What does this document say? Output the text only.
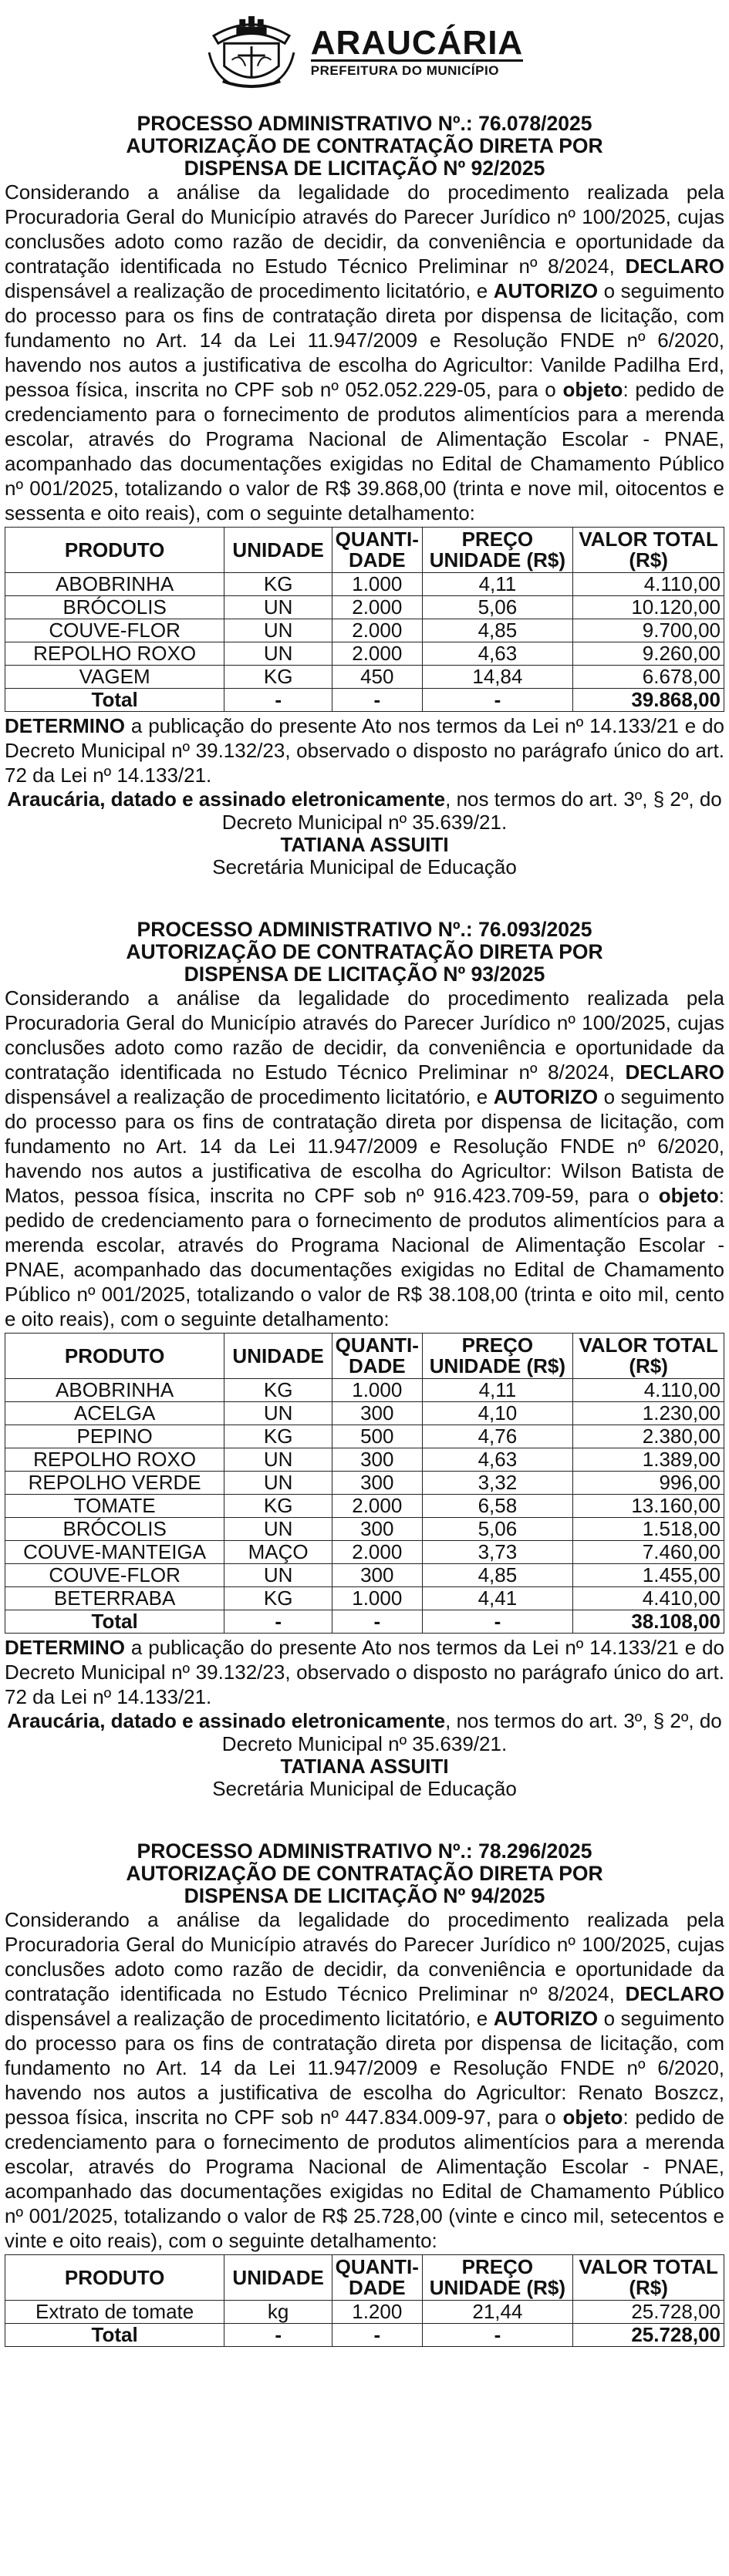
ARAUCÁRIA
PREFEITURA DO MUNICÍPIO
PROCESSO ADMINISTRATIVO Nº.: 76.078/2025
AUTORIZAÇÃO DE CONTRATAÇÃO DIRETA POR
DISPENSA DE LICITAÇÃO Nº 92/2025

Considerando a análise da legalidade do procedimento realizada pela Procuradoria Geral do Município através do Parecer Jurídico nº 100/2025, cujas conclusões adoto como razão de decidir, da conveniência e oportunidade da contratação identificada no Estudo Técnico Preliminar nº 8/2024, DECLARO dispensável a realização de procedimento licitatório, e AUTORIZO o seguimento do processo para os fins de contratação direta por dispensa de licitação, com fundamento no Art. 14 da Lei 11.947/2009 e Resolução FNDE nº 6/2020, havendo nos autos a justificativa de escolha do Agricultor: Vanilde Padilha Erd, pessoa física, inscrita no CPF sob nº 052.052.229-05, para o objeto: pedido de credenciamento para o fornecimento de produtos alimentícios para a merenda escolar, através do Programa Nacional de Alimentação Escolar - PNAE, acompanhado das documentações exigidas no Edital de Chamamento Público nº 001/2025, totalizando o valor de R$ 39.868,00 (trinta e nove mil, oitocentos e sessenta e oito reais), com o seguinte detalhamento:

PRODUTO	UNIDADE	QUANTI-DADE	PREÇO UNIDADE (R$)	VALOR TOTAL (R$)
ABOBRINHA	KG	1.000	4,11	4.110,00
BRÓCOLIS	UN	2.000	5,06	10.120,00
COUVE-FLOR	UN	2.000	4,85	9.700,00
REPOLHO ROXO	UN	2.000	4,63	9.260,00
VAGEM	KG	450	14,84	6.678,00
Total	-	-	-	39.868,00

DETERMINO a publicação do presente Ato nos termos da Lei nº 14.133/21 e do Decreto Municipal nº 39.132/23, observado o disposto no parágrafo único do art. 72 da Lei nº 14.133/21.

Araucária, datado e assinado eletronicamente, nos termos do art. 3º, § 2º, do Decreto Municipal nº 35.639/21.
TATIANA ASSUITI
Secretária Municipal de Educação
PROCESSO ADMINISTRATIVO Nº.: 76.093/2025
AUTORIZAÇÃO DE CONTRATAÇÃO DIRETA POR
DISPENSA DE LICITAÇÃO Nº 93/2025

Considerando a análise da legalidade do procedimento realizada pela Procuradoria Geral do Município através do Parecer Jurídico nº 100/2025, cujas conclusões adoto como razão de decidir, da conveniência e oportunidade da contratação identificada no Estudo Técnico Preliminar nº 8/2024, DECLARO dispensável a realização de procedimento licitatório, e AUTORIZO o seguimento do processo para os fins de contratação direta por dispensa de licitação, com fundamento no Art. 14 da Lei 11.947/2009 e Resolução FNDE nº 6/2020, havendo nos autos a justificativa de escolha do Agricultor: Wilson Batista de Matos, pessoa física, inscrita no CPF sob nº 916.423.709-59, para o objeto: pedido de credenciamento para o fornecimento de produtos alimentícios para a merenda escolar, através do Programa Nacional de Alimentação Escolar - PNAE, acompanhado das documentações exigidas no Edital de Chamamento Público nº 001/2025, totalizando o valor de R$ 38.108,00 (trinta e oito mil, cento e oito reais), com o seguinte detalhamento:

PRODUTO	UNIDADE	QUANTI-DADE	PREÇO UNIDADE (R$)	VALOR TOTAL (R$)
ABOBRINHA	KG	1.000	4,11	4.110,00
ACELGA	UN	300	4,10	1.230,00
PEPINO	KG	500	4,76	2.380,00
REPOLHO ROXO	UN	300	4,63	1.389,00
REPOLHO VERDE	UN	300	3,32	996,00
TOMATE	KG	2.000	6,58	13.160,00
BRÓCOLIS	UN	300	5,06	1.518,00
COUVE-MANTEIGA	MAÇO	2.000	3,73	7.460,00
COUVE-FLOR	UN	300	4,85	1.455,00
BETERRABA	KG	1.000	4,41	4.410,00
Total	-	-	-	38.108,00

DETERMINO a publicação do presente Ato nos termos da Lei nº 14.133/21 e do Decreto Municipal nº 39.132/23, observado o disposto no parágrafo único do art. 72 da Lei nº 14.133/21.

Araucária, datado e assinado eletronicamente, nos termos do art. 3º, § 2º, do Decreto Municipal nº 35.639/21.
TATIANA ASSUITI
Secretária Municipal de Educação
PROCESSO ADMINISTRATIVO Nº.: 78.296/2025
AUTORIZAÇÃO DE CONTRATAÇÃO DIRETA POR
DISPENSA DE LICITAÇÃO Nº 94/2025

Considerando a análise da legalidade do procedimento realizada pela Procuradoria Geral do Município através do Parecer Jurídico nº 100/2025, cujas conclusões adoto como razão de decidir, da conveniência e oportunidade da contratação identificada no Estudo Técnico Preliminar nº 8/2024, DECLARO dispensável a realização de procedimento licitatório, e AUTORIZO o seguimento do processo para os fins de contratação direta por dispensa de licitação, com fundamento no Art. 14 da Lei 11.947/2009 e Resolução FNDE nº 6/2020, havendo nos autos a justificativa de escolha do Agricultor: Renato Boszcz, pessoa física, inscrita no CPF sob nº 447.834.009-97, para o objeto: pedido de credenciamento para o fornecimento de produtos alimentícios para a merenda escolar, através do Programa Nacional de Alimentação Escolar - PNAE, acompanhado das documentações exigidas no Edital de Chamamento Público nº 001/2025, totalizando o valor de R$ 25.728,00 (vinte e cinco mil, setecentos e vinte e oito reais), com o seguinte detalhamento:

PRODUTO	UNIDADE	QUANTI-DADE	PREÇO UNIDADE (R$)	VALOR TOTAL (R$)
Extrato de tomate	kg	1.200	21,44	25.728,00
Total	-	-	-	25.728,00
